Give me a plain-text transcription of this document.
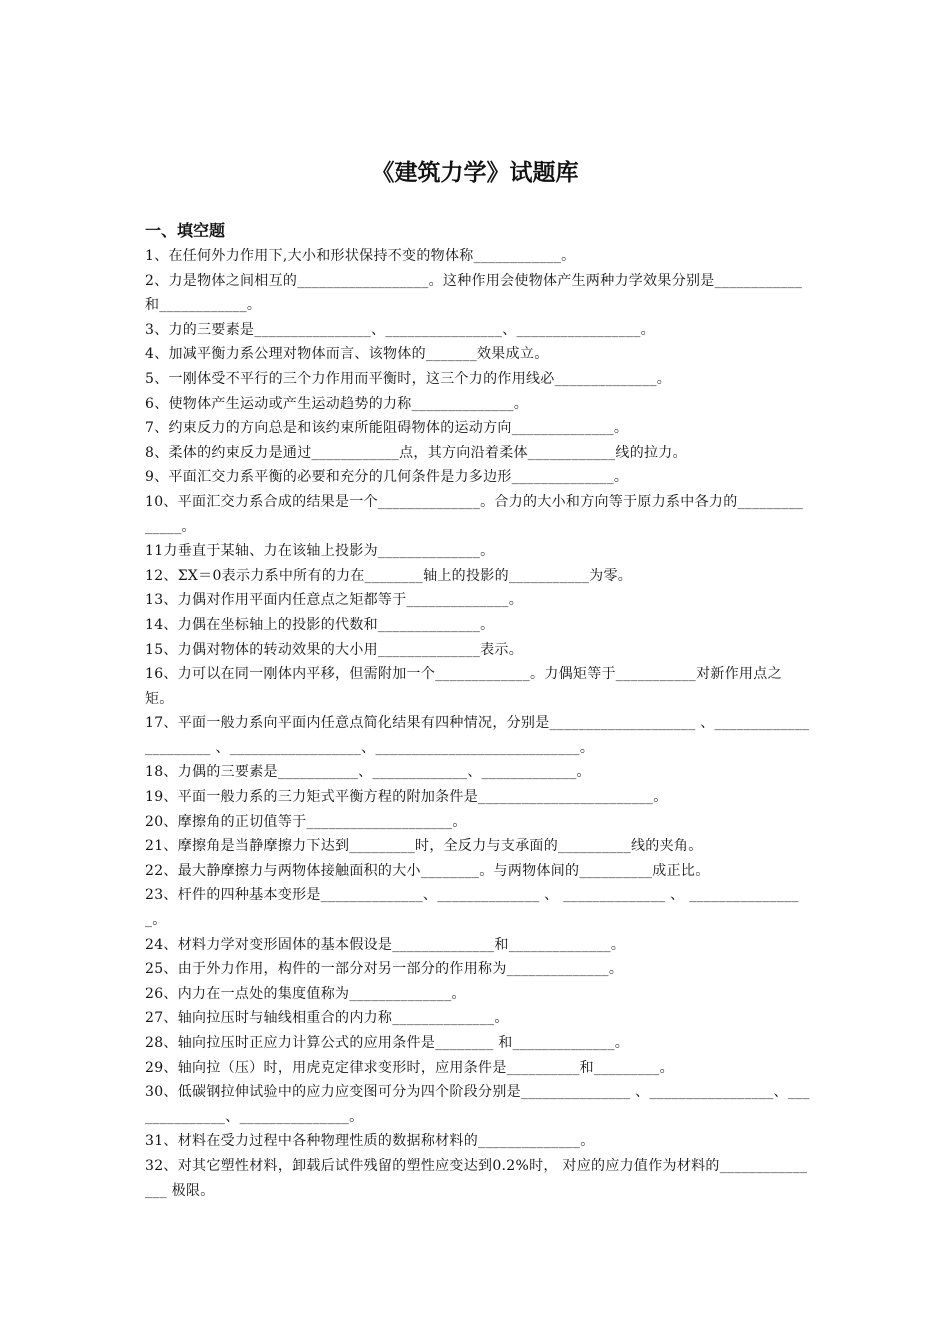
《建筑力学》试题库
一、填空题

1、在任何外力作用下,大小和形状保持不变的物体称____________。

2、力是物体之间相互的__________________。这种作用会使物体产生两种力学效果分别是____________和____________。

3、力的三要素是________________、________________、_________________。

4、加减平衡力系公理对物体而言、该物体的_______效果成立。

5、一刚体受不平行的三个力作用而平衡时，这三个力的作用线必______________。

6、使物体产生运动或产生运动趋势的力称______________。

7、约束反力的方向总是和该约束所能阻碍物体的运动方向______________。

8、柔体的约束反力是通过____________点，其方向沿着柔体____________线的拉力。

9、平面汇交力系平衡的必要和充分的几何条件是力多边形______________。

10、平面汇交力系合成的结果是一个______________。合力的大小和方向等于原力系中各力的______________。

11力垂直于某轴、力在该轴上投影为______________。

12、ΣX＝0表示力系中所有的力在________轴上的投影的___________为零。

13、力偶对作用平面内任意点之矩都等于______________。

14、力偶在坐标轴上的投影的代数和______________。

15、力偶对物体的转动效果的大小用______________表示。

16、力可以在同一刚体内平移，但需附加一个_____________。力偶矩等于___________对新作用点之矩。

17、平面一般力系向平面内任意点简化结果有四种情况，分别是____________________ 、______________________ 、__________________、____________________________。

18、力偶的三要素是___________、_____________、_____________。

19、平面一般力系的三力矩式平衡方程的附加条件是________________________。

20、摩擦角的正切值等于____________________。

21、摩擦角是当静摩擦力下达到_________时，全反力与支承面的__________线的夹角。

22、最大静摩擦力与两物体接触面积的大小________。与两物体间的__________成正比。

23、杆件的四种基本变形是______________、______________ 、 ______________ 、 ________________。

24、材料力学对变形固体的基本假设是______________和______________。

25、由于外力作用，构件的一部分对另一部分的作用称为______________。

26、内力在一点处的集度值称为______________。

27、轴向拉压时与轴线相重合的内力称______________。

28、轴向拉压时正应力计算公式的应用条件是________ 和______________。

29、轴向拉（压）时，用虎克定律求变形时，应用条件是__________和_________。

30、低碳钢拉伸试验中的应力应变图可分为四个阶段分别是_______________ 、_________________、______________、_______________。

31、材料在受力过程中各种物理性质的数据称材料的______________。

32、对其它塑性材料，卸载后试件残留的塑性应变达到0.2%时， 对应的应力值作为材料的_______________ 极限。
